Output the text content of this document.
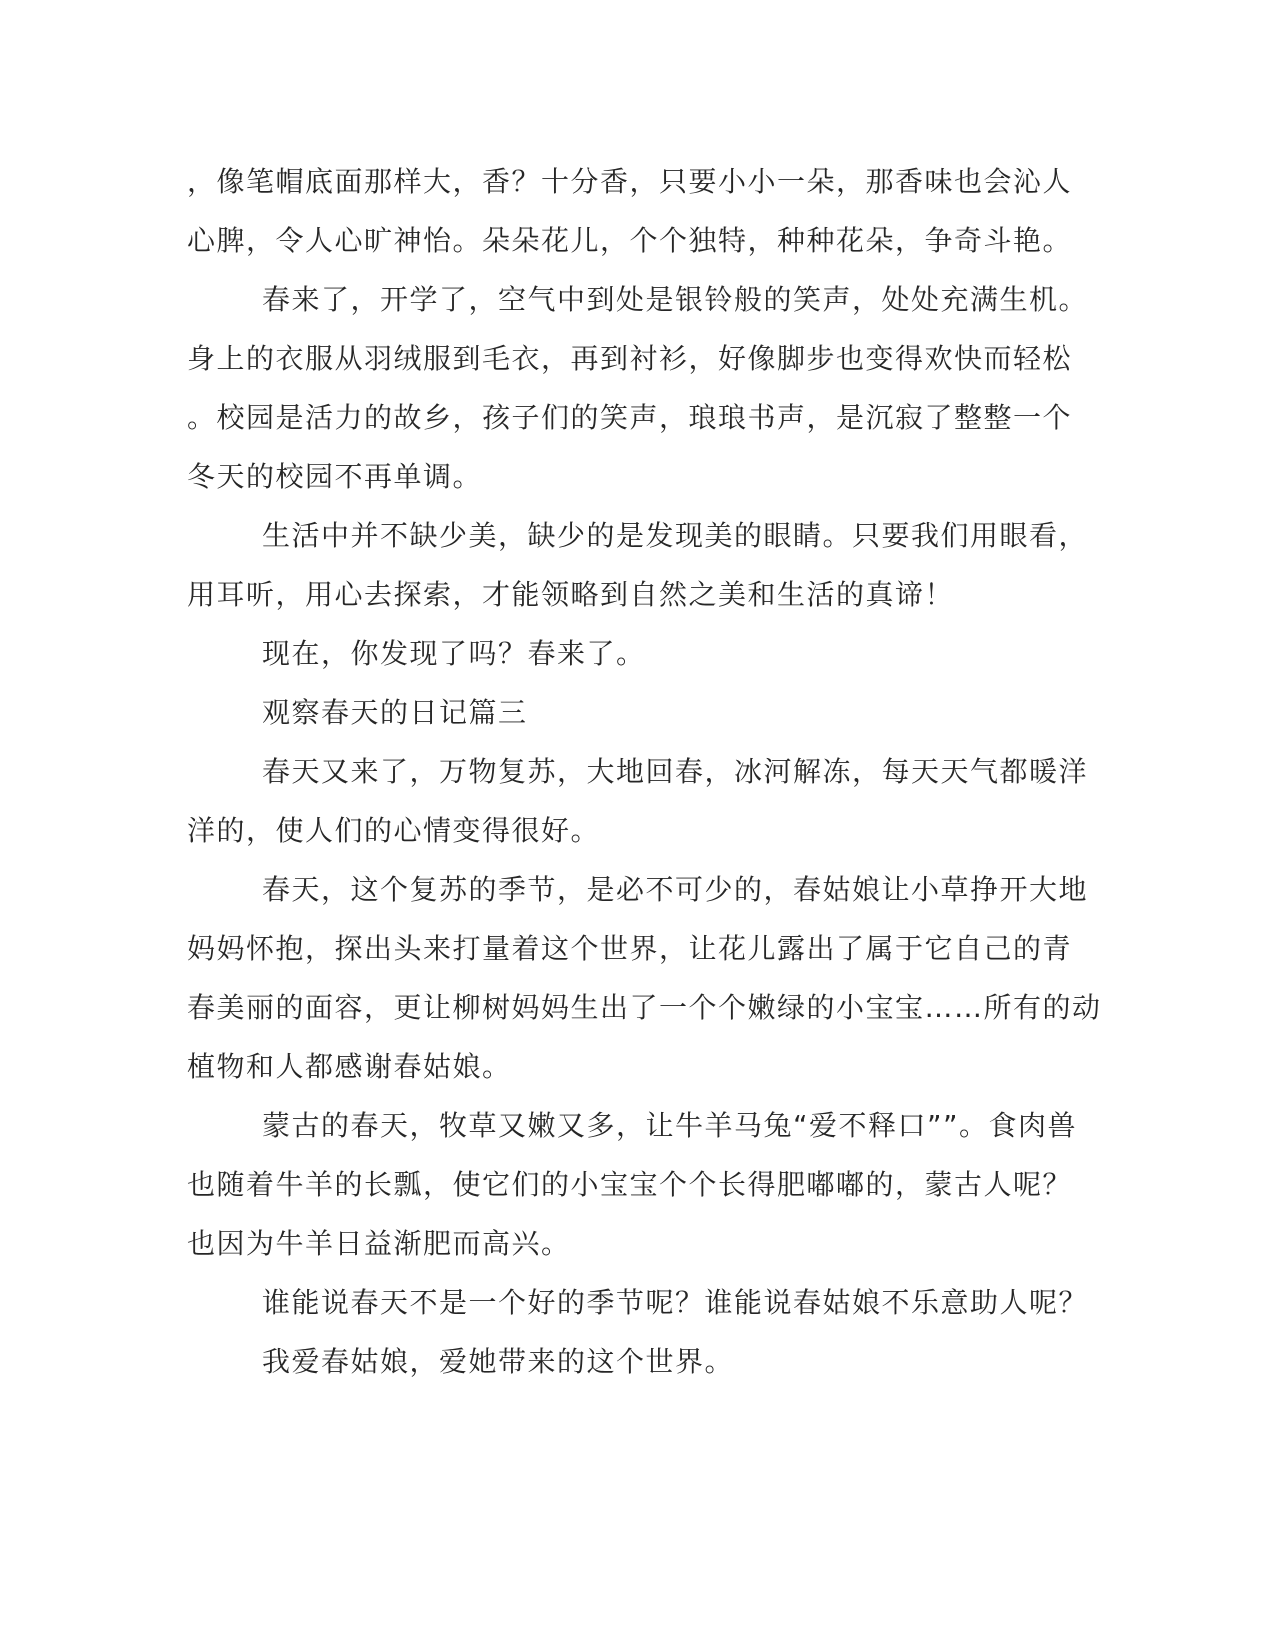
，像笔帽底面那样大，香？十分香，只要小小一朵，那香味也会沁人
心脾，令人心旷神怡。朵朵花儿，个个独特，种种花朵，争奇斗艳。
春来了，开学了，空气中到处是银铃般的笑声，处处充满生机。
身上的衣服从羽绒服到毛衣，再到衬衫，好像脚步也变得欢快而轻松
。校园是活力的故乡，孩子们的笑声，琅琅书声，是沉寂了整整一个
冬天的校园不再单调。
生活中并不缺少美，缺少的是发现美的眼睛。只要我们用眼看，
用耳听，用心去探索，才能领略到自然之美和生活的真谛！
现在，你发现了吗？春来了。
观察春天的日记篇三
春天又来了，万物复苏，大地回春，冰河解冻，每天天气都暖洋
洋的，使人们的心情变得很好。
春天，这个复苏的季节，是必不可少的，春姑娘让小草挣开大地
妈妈怀抱，探出头来打量着这个世界，让花儿露出了属于它自己的青
春美丽的面容，更让柳树妈妈生出了一个个嫩绿的小宝宝……所有的动
植物和人都感谢春姑娘。
蒙古的春天，牧草又嫩又多，让牛羊马兔“爱不释口””。食肉兽
也随着牛羊的长瓢，使它们的小宝宝个个长得肥嘟嘟的，蒙古人呢？
也因为牛羊日益渐肥而高兴。
谁能说春天不是一个好的季节呢？谁能说春姑娘不乐意助人呢？
我爱春姑娘，爱她带来的这个世界。
